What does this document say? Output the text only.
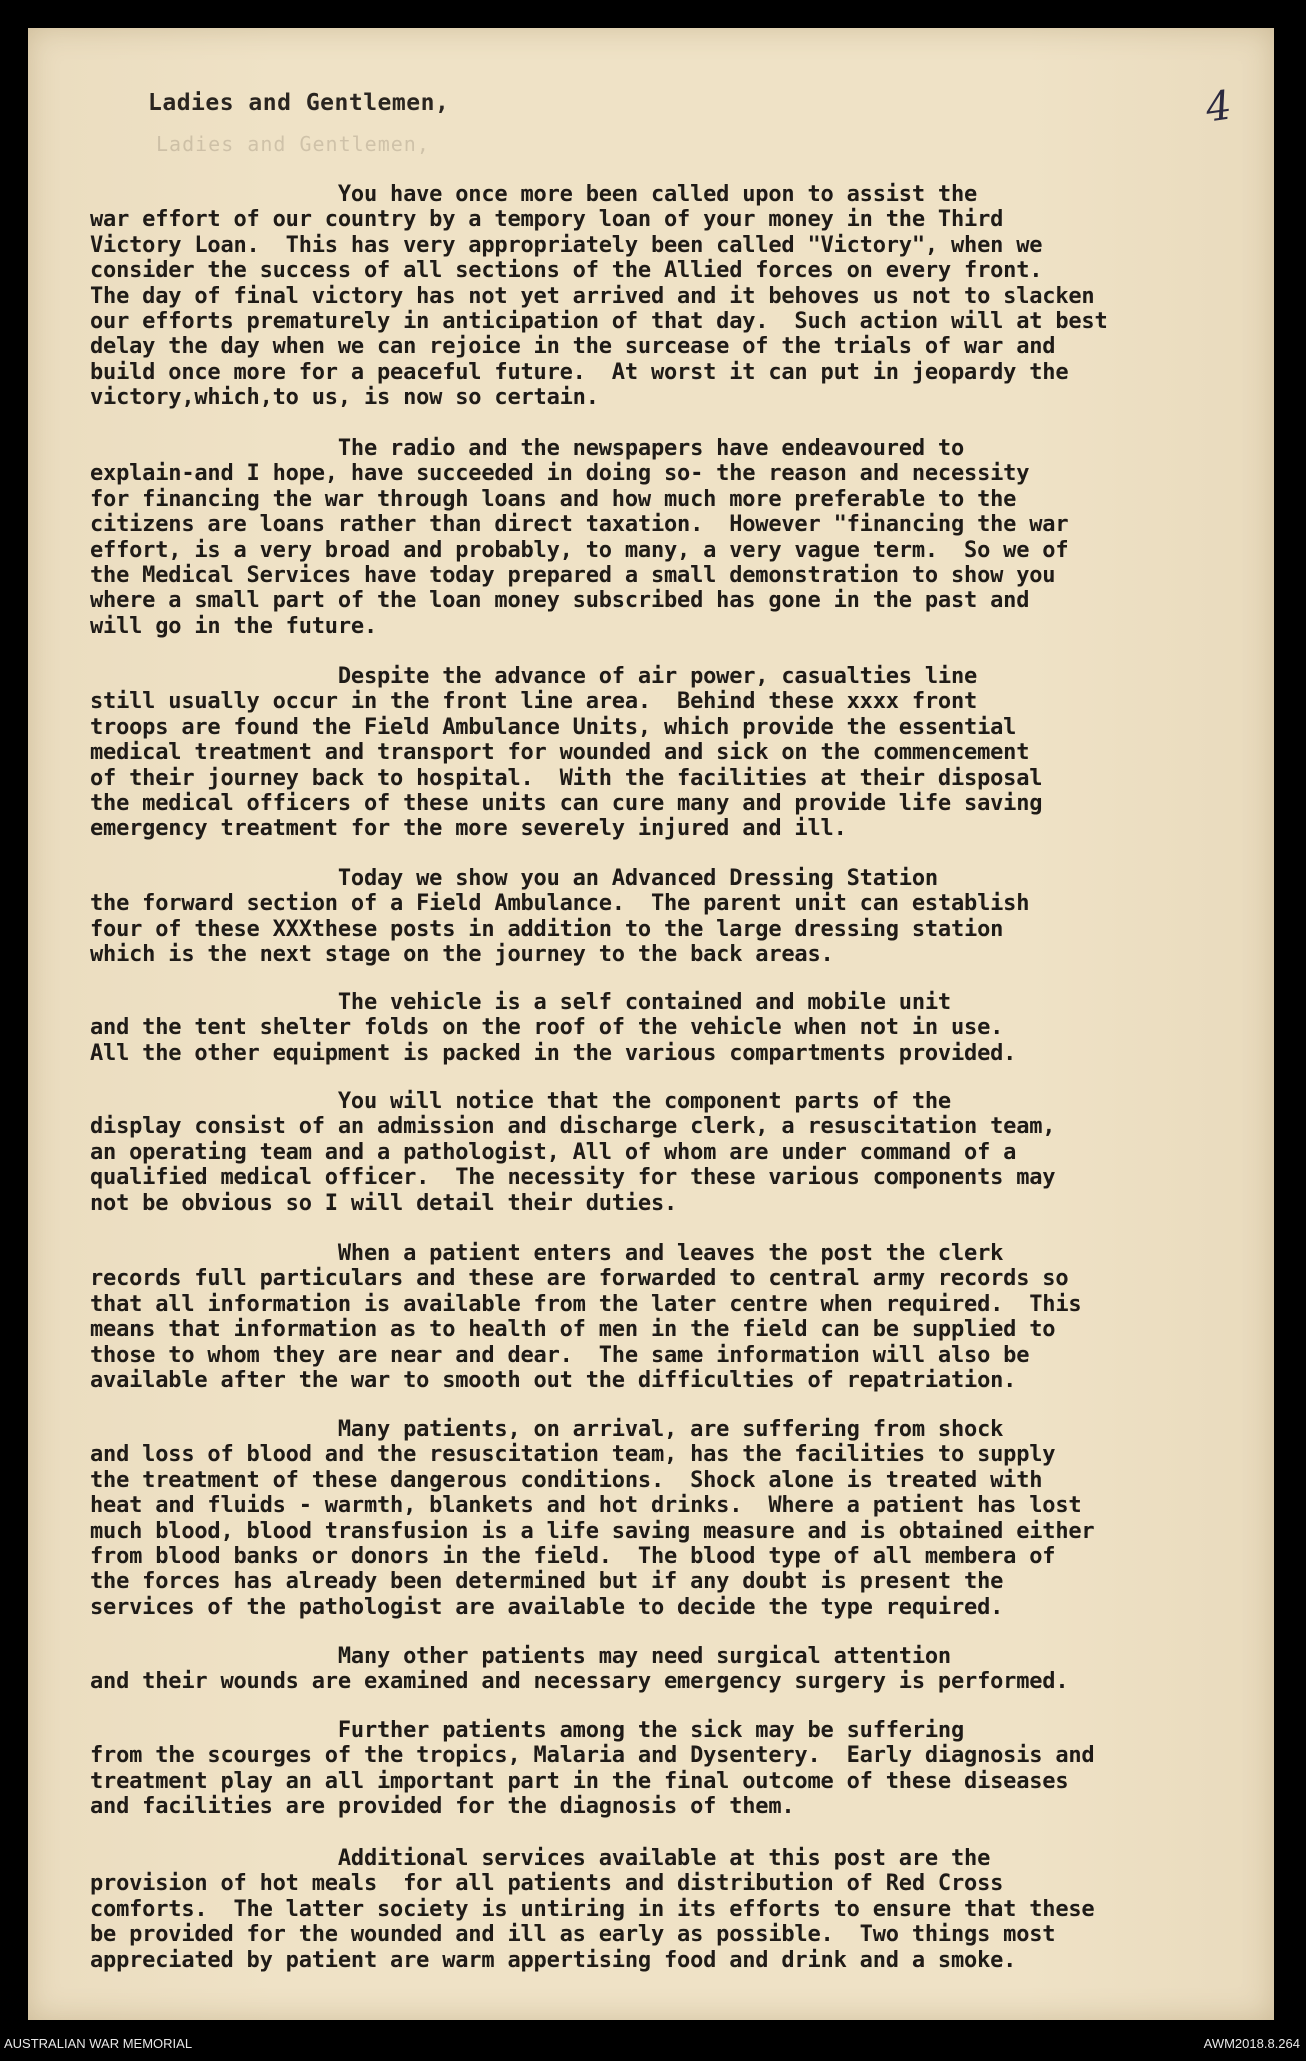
Ladies and Gentlemen,
Ladies and Gentlemen,
4

You have once more been called upon to assist the
war effort of our country by a tempory loan of your money in the Third
Victory Loan.  This has very appropriately been called "Victory", when we
consider the success of all sections of the Allied forces on every front.
The day of final victory has not yet arrived and it behoves us not to slacken
our efforts prematurely in anticipation of that day.  Such action will at best
delay the day when we can rejoice in the surcease of the trials of war and
build once more for a peaceful future.  At worst it can put in jeopardy the
victory,which,to us, is now so certain.

The radio and the newspapers have endeavoured to
explain-and I hope, have succeeded in doing so- the reason and necessity
for financing the war through loans and how much more preferable to the
citizens are loans rather than direct taxation.  However "financing the war
effort, is a very broad and probably, to many, a very vague term.  So we of
the Medical Services have today prepared a small demonstration to show you
where a small part of the loan money subscribed has gone in the past and
will go in the future.

Despite the advance of air power, casualties line
still usually occur in the front line area.  Behind these xxxx front
troops are found the Field Ambulance Units, which provide the essential
medical treatment and transport for wounded and sick on the commencement
of their journey back to hospital.  With the facilities at their disposal
the medical officers of these units can cure many and provide life saving
emergency treatment for the more severely injured and ill.

Today we show you an Advanced Dressing Station
the forward section of a Field Ambulance.  The parent unit can establish
four of these XXXthese posts in addition to the large dressing station
which is the next stage on the journey to the back areas.

The vehicle is a self contained and mobile unit
and the tent shelter folds on the roof of the vehicle when not in use.
All the other equipment is packed in the various compartments provided.

You will notice that the component parts of the
display consist of an admission and discharge clerk, a resuscitation team,
an operating team and a pathologist, All of whom are under command of a
qualified medical officer.  The necessity for these various components may
not be obvious so I will detail their duties.

When a patient enters and leaves the post the clerk
records full particulars and these are forwarded to central army records so
that all information is available from the later centre when required.  This
means that information as to health of men in the field can be supplied to
those to whom they are near and dear.  The same information will also be
available after the war to smooth out the difficulties of repatriation.

Many patients, on arrival, are suffering from shock
and loss of blood and the resuscitation team, has the facilities to supply
the treatment of these dangerous conditions.  Shock alone is treated with
heat and fluids - warmth, blankets and hot drinks.  Where a patient has lost
much blood, blood transfusion is a life saving measure and is obtained either
from blood banks or donors in the field.  The blood type of all membera of
the forces has already been determined but if any doubt is present the
services of the pathologist are available to decide the type required.

Many other patients may need surgical attention
and their wounds are examined and necessary emergency surgery is performed.

Further patients among the sick may be suffering
from the scourges of the tropics, Malaria and Dysentery.  Early diagnosis and
treatment play an all important part in the final outcome of these diseases
and facilities are provided for the diagnosis of them.

Additional services available at this post are the
provision of hot meals  for all patients and distribution of Red Cross
comforts.  The latter society is untiring in its efforts to ensure that these
be provided for the wounded and ill as early as possible.  Two things most
appreciated by patient are warm appertising food and drink and a smoke.

AUSTRALIAN WAR MEMORIAL	AWM2018.8.264
